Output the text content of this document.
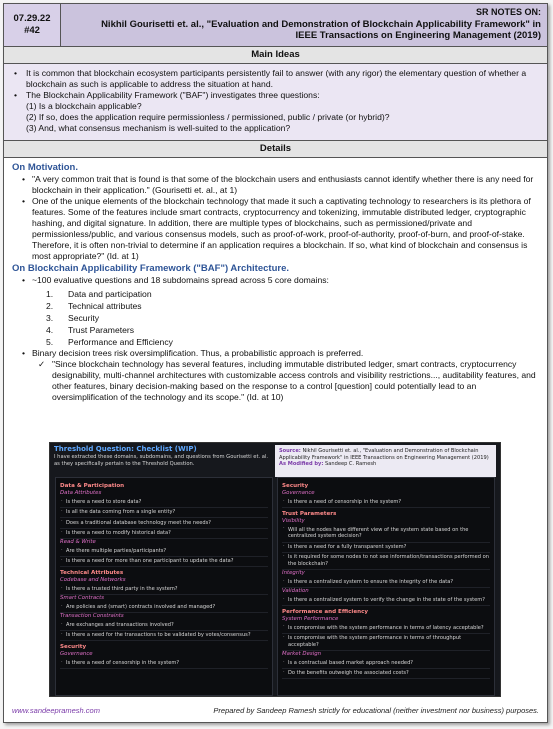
07.29.22
#42
SR NOTES ON:
Nikhil Gourisetti et. al., "Evaluation and Demonstration of Blockchain Applicability Framework" in
IEEE Transactions on Engineering Management (2019)
Main Ideas
• It is common that blockchain ecosystem participants persistently fail to answer (with any rigor) the elementary question of whether a blockchain as such is applicable to address the situation at hand.
• The Blockchain Applicability Framework ("BAF") investigates three questions:
(1) Is a blockchain applicable?
(2) If so, does the application require permissionless / permissioned, public / private (or hybrid)?
(3) And, what consensus mechanism is well-suited to the application?
Details
On Motivation.
• "A very common trait that is found is that some of the blockchain users and enthusiasts cannot identify whether there is any need for blockchain in their application." (Gourisetti et. al., at 1)
• One of the unique elements of the blockchain technology that made it such a captivating technology to researchers is its plethora of features. Some of the features include smart contracts, cryptocurrency and tokenizing, immutable distributed ledger, cryptographic hashing, and digital signature. In addition, there are multiple types of blockchains, such as permissioned/private and permissionless/public, and various consensus models, such as proof-of-work, proof-of-authority, proof-of-burn, and proof-of-stake. Therefore, it is often non-trivial to determine if an application requires a blockchain. If so, what kind of blockchain and consensus is most appropriate?" (Id. at 1)
On Blockchain Applicability Framework ("BAF") Architecture.
• ~100 evaluative questions and 18 subdomains spread across 5 core domains:
1.	Data and participation
2.	Technical attributes
3.	Security
4.	Trust Parameters
5.	Performance and Efficiency
• Binary decision trees risk oversimplification. Thus, a probabilistic approach is preferred.
✓ "Since blockchain technology has several features, including immutable distributed ledger, smart contracts, cryptocurrency designability, multi-channel architectures with customizable access controls and visibility restrictions..., auditability features, and other features, binary decision-making based on the response to a control [question] could potentially lead to an oversimplification of the technology and its scope." (Id. at 10)
Threshold Question: Checklist (WIP)
I have extracted these domains, subdomains, and questions from Gourisetti et. al. as they specifically pertain to the Threshold Question.
Source: Nikhil Gourisetti et. al., "Evaluation and Demonstration of Blockchain Applicability Framework" in IEEE Transactions on Engineering Management (2019)
As Modified by: Sandeep C. Ramesh
Data & Participation
Data Attributes
· Is there a need to store data?
· Is all the data coming from a single entity?
· Does a traditional database technology meet the needs?
· Is there a need to modify historical data?
Read & Write
· Are there multiple parties/participants?
· Is there a need for more than one participant to update the data?
Technical Attributes
Codebase and Networks
· Is there a trusted third party in the system?
Smart Contracts
· Are policies and (smart) contracts involved and managed?
Transaction Constraints
· Are exchanges and transactions involved?
· Is there a need for the transactions to be validated by votes/consensus?
Security
Governance
· Is there a need of censorship in the system?
Security
Governance
· Is there a need of censorship in the system?
Trust Parameters
Visibility
· Will all the nodes have different view of the system state based on the centralized system decision?
· Is there a need for a fully transparent system?
· Is it required for some nodes to not see information/transactions performed on the blockchain?
Integrity
· Is there a centralized system to ensure the integrity of the data?
Validation
· Is there a centralized system to verify the change in the state of the system?
Performance and Efficiency
System Performance
· Is compromise with the system performance in terms of latency acceptable?
· Is compromise with the system performance in terms of throughput acceptable?
Market Design
· Is a contractual based market approach needed?
· Do the benefits outweigh the associated costs?
www.sandeepramesh.com	Prepared by Sandeep Ramesh strictly for educational (neither investment nor business) purposes.
